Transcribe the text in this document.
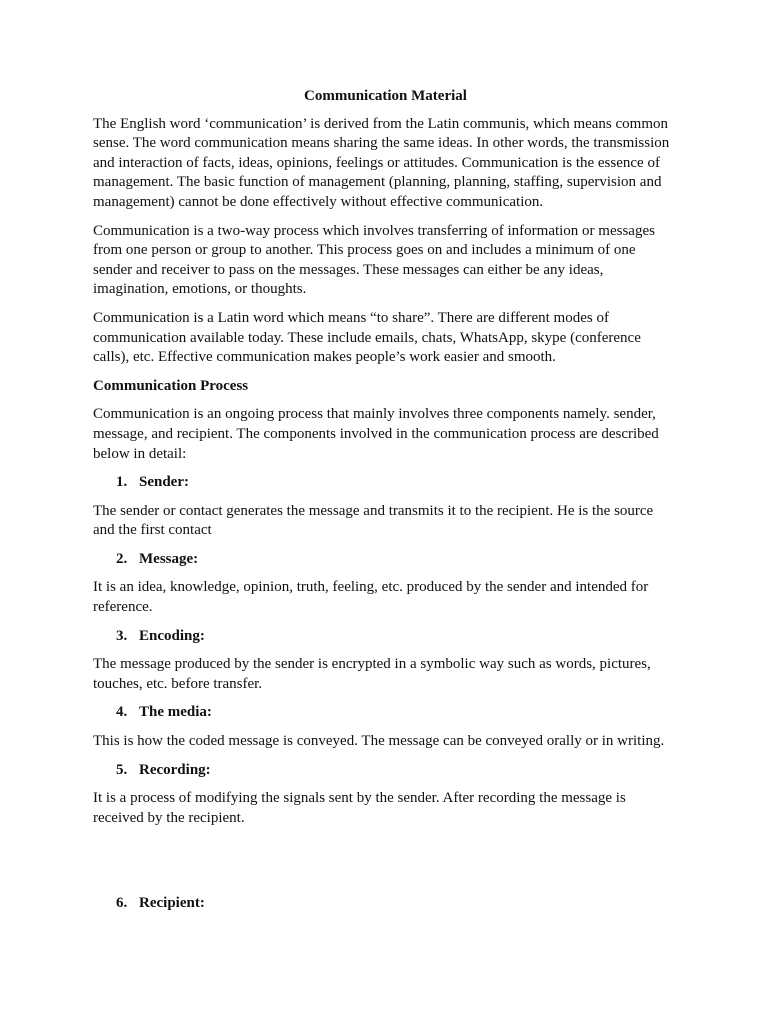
Communication Material

The English word ‘communication’ is derived from the Latin communis, which means common sense. The word communication means sharing the same ideas. In other words, the transmission and interaction of facts, ideas, opinions, feelings or attitudes. Communication is the essence of management. The basic function of management (planning, planning, staffing, supervision and management) cannot be done effectively without effective communication.

Communication is a two-way process which involves transferring of information or messages from one person or group to another. This process goes on and includes a minimum of one sender and receiver to pass on the messages. These messages can either be any ideas, imagination, emotions, or thoughts.

Communication is a Latin word which means “to share”. There are different modes of communication available today. These include emails, chats, WhatsApp, skype (conference calls), etc. Effective communication makes people’s work easier and smooth.

Communication Process

Communication is an ongoing process that mainly involves three components namely. sender, message, and recipient. The components involved in the communication process are described below in detail:

1. Sender:

The sender or contact generates the message and transmits it to the recipient. He is the source and the first contact

2. Message:

It is an idea, knowledge, opinion, truth, feeling, etc. produced by the sender and intended for reference.

3. Encoding:

The message produced by the sender is encrypted in a symbolic way such as words, pictures, touches, etc. before transfer.

4. The media:

This is how the coded message is conveyed. The message can be conveyed orally or in writing.

5. Recording:

It is a process of modifying the signals sent by the sender. After recording the message is received by the recipient.

6. Recipient:
